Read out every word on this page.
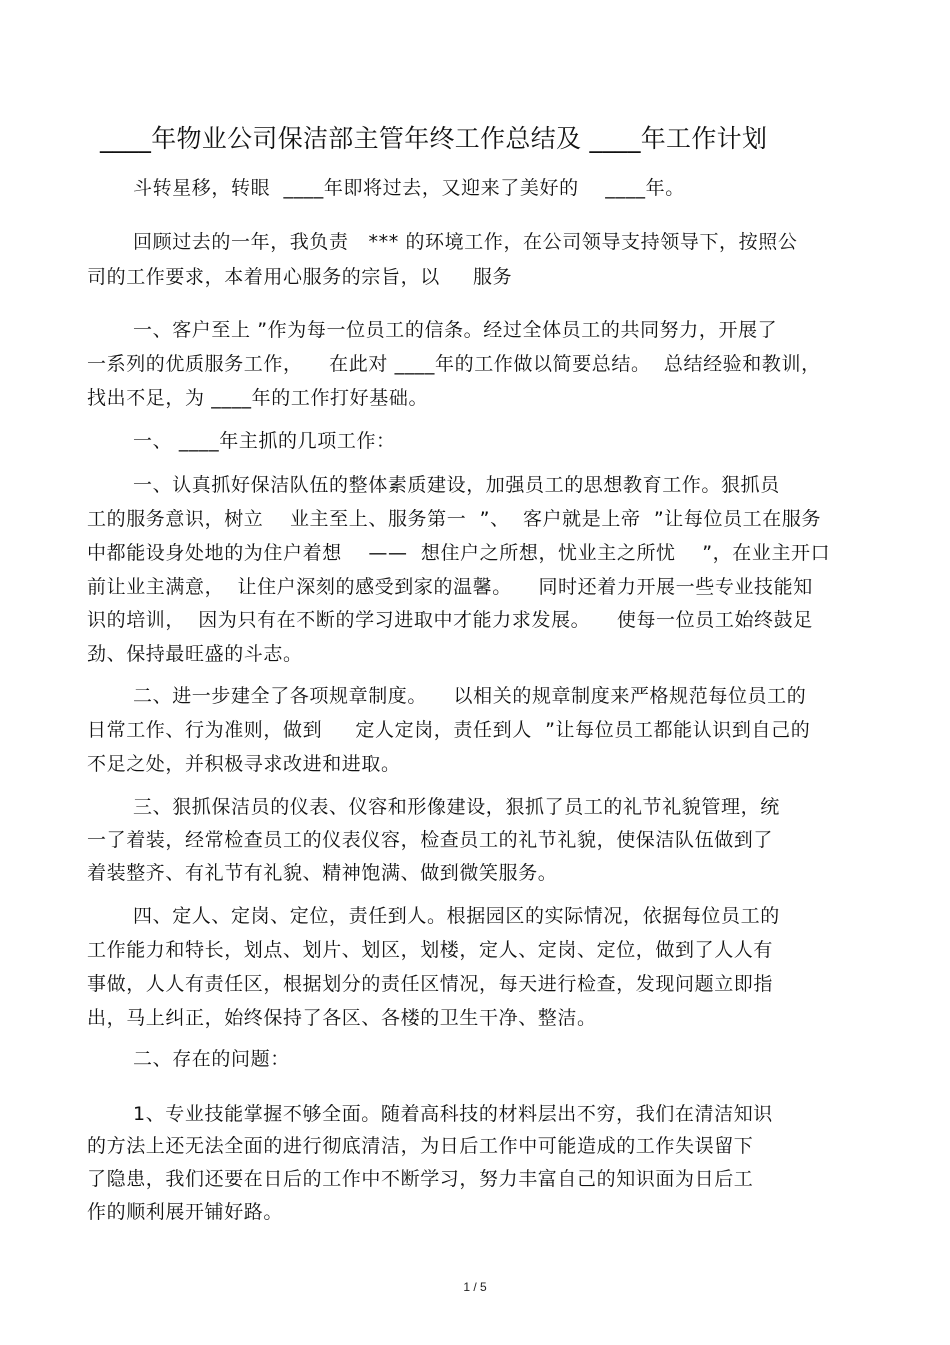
____年物业公司保洁部主管年终工作总结及 ____年工作计划
斗转星移，转眼  ____年即将过去，又迎来了美好的    ____年。
回顾过去的一年，我负责   *** 的环境工作，在公司领导支持领导下，按照公
司的工作要求，本着用心服务的宗旨，以     服务
一、客户至上 ”作为每一位员工的信条。经过全体员工的共同努力，开展了
一系列的优质服务工作，    在此对 ____年的工作做以简要总结。  总结经验和教训，
找出不足，为 ____年的工作打好基础。
一、 ____年主抓的几项工作：
一、认真抓好保洁队伍的整体素质建设，加强员工的思想教育工作。狠抓员
工的服务意识，树立    业主至上、服务第一  ”、  客户就是上帝  ”让每位员工在服务
中都能设身处地的为住户着想    ——  想住户之所想，忧业主之所忧    ”，在业主开口
前让业主满意，  让住户深刻的感受到家的温馨。    同时还着力开展一些专业技能知
识的培训，  因为只有在不断的学习进取中才能力求发展。    使每一位员工始终鼓足
劲、保持最旺盛的斗志。
二、进一步建全了各项规章制度。    以相关的规章制度来严格规范每位员工的
日常工作、行为准则，做到     定人定岗，责任到人  ”让每位员工都能认识到自己的
不足之处，并积极寻求改进和进取。
三、狠抓保洁员的仪表、仪容和形像建设，狠抓了员工的礼节礼貌管理，统
一了着装，经常检查员工的仪表仪容，检查员工的礼节礼貌，使保洁队伍做到了
着装整齐、有礼节有礼貌、精神饱满、做到微笑服务。
四、定人、定岗、定位，责任到人。根据园区的实际情况，依据每位员工的
工作能力和特长，划点、划片、划区，划楼，定人、定岗、定位，做到了人人有
事做，人人有责任区，根据划分的责任区情况，每天进行检查，发现问题立即指
出，马上纠正，始终保持了各区、各楼的卫生干净、整洁。
二、存在的问题：
1、专业技能掌握不够全面。随着高科技的材料层出不穷，我们在清洁知识
的方法上还无法全面的进行彻底清洁，为日后工作中可能造成的工作失误留下
了隐患，我们还要在日后的工作中不断学习，努力丰富自己的知识面为日后工
作的顺利展开铺好路。
1 / 5
